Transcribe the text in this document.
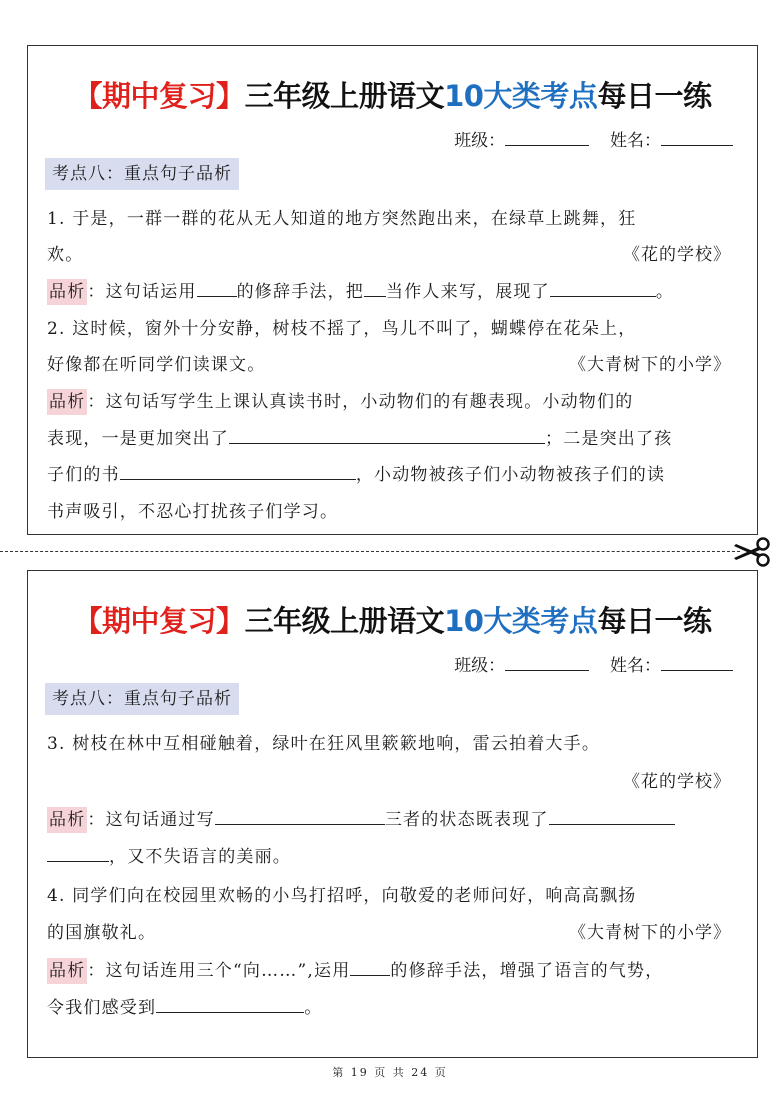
【期中复习】三年级上册语文10大类考点每日一练
班级：	姓名：
考点八：重点句子品析
1. 于是，一群一群的花从无人知道的地方突然跑出来，在绿草上跳舞，狂
欢。	《花的学校》
品析 ：这句话运用 的修辞手法，把 当作人来写，展现了	。
2. 这时候，窗外十分安静，树枝不摇了，鸟儿不叫了，蝴蝶停在花朵上，
好像都在听同学们读课文。	《大青树下的小学》
品析 ：这句话写学生上课认真读书时，小动物们的有趣表现。小动物们的
表现，一是更加突出了	；二是突出了孩
子们的书	，小动物被孩子们小动物被孩子们的读
书声吸引，不忍心打扰孩子们学习。
【期中复习】三年级上册语文10大类考点每日一练
班级：	姓名：
考点八：重点句子品析
3. 树枝在林中互相碰触着，绿叶在狂风里簌簌地响，雷云拍着大手。
《花的学校》
品析 ：这句话通过写	三者的状态既表现了
，又不失语言的美丽。
4. 同学们向在校园里欢畅的小鸟打招呼，向敬爱的老师问好，响高高飘扬
的国旗敬礼。	《大青树下的小学》
品析 ：这句话连用三个“向……”,运用 的修辞手法，增强了语言的气势，
令我们感受到	。
第 19 页 共 24 页
